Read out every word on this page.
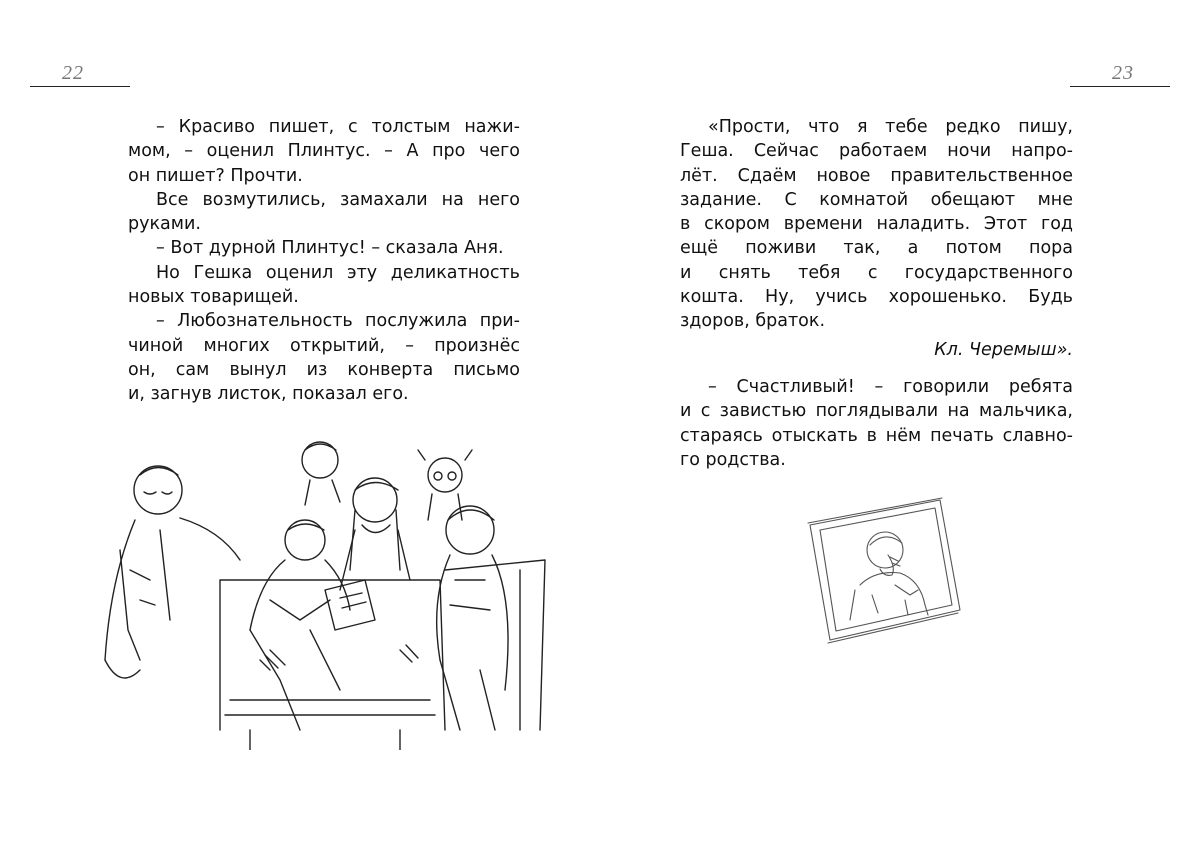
22

– Красиво пишет, с толстым нажи-

мом, – оценил Плинтус. – А про чего

он пишет? Прочти.

Все возмутились, замахали на него

руками.

– Вот дурной Плинтус! – сказала Аня.

Но Гешка оценил эту деликатность

новых товарищей.

– Любознательность послужила при-

чиной многих открытий, – произнёс

он, сам вынул из конверта письмо

и, загнув листок, показал его.

23

«Прости, что я тебе редко пишу,

Геша. Сейчас работаем ночи напро-

лёт. Сдаём новое правительственное

задание. С комнатой обещают мне

в скором времени наладить. Этот год

ещё поживи так, а потом пора

и снять тебя с государственного

кошта. Ну, учись хорошенько. Будь

здоров, браток.

Кл. Черемыш».

– Счастливый! – говорили ребята

и с завистью поглядывали на мальчика,

стараясь отыскать в нём печать славно-

го родства.
